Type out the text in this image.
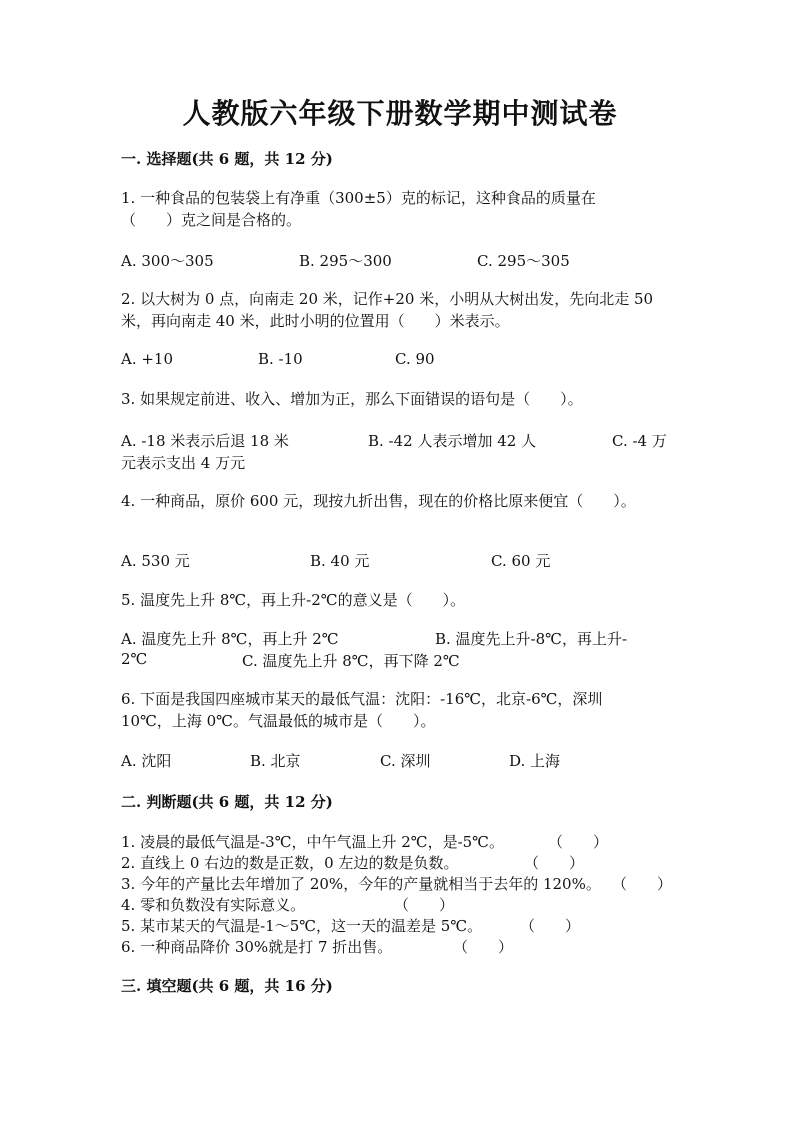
人教版六年级下册数学期中测试卷
一. 选择题(共 6 题，共 12 分)
1. 一种食品的包装袋上有净重（300±5）克的标记，这种食品的质量在
（　　）克之间是合格的。
A. 300～305	B. 295～300	C. 295～305
2. 以大树为 0 点，向南走 20 米，记作+20 米，小明从大树出发，先向北走 50
米，再向南走 40 米，此时小明的位置用（　　）米表示。
A. +10	B. -10	C. 90
3. 如果规定前进、收入、增加为正，那么下面错误的语句是（　　）。
A. -18 米表示后退 18 米	B. -42 人表示增加 42 人	C. -4 万
元表示支出 4 万元
4. 一种商品，原价 600 元，现按九折出售，现在的价格比原来便宜（　　）。
A. 530 元	B. 40 元	C. 60 元
5. 温度先上升 8℃，再上升-2℃的意义是（　　）。
A. 温度先上升 8℃，再上升 2℃	B. 温度先上升-8℃，再上升-
2℃	C. 温度先上升 8℃，再下降 2℃
6. 下面是我国四座城市某天的最低气温：沈阳：-16℃，北京-6℃，深圳
10℃，上海 0℃。气温最低的城市是（　　）。
A. 沈阳	B. 北京	C. 深圳	D. 上海
二. 判断题(共 6 题，共 12 分)
1. 凌晨的最低气温是-3℃，中午气温上升 2℃，是-5℃。	（　　）
2. 直线上 0 右边的数是正数，0 左边的数是负数。	（　　）
3. 今年的产量比去年增加了 20%，今年的产量就相当于去年的 120%。 （　　）
4. 零和负数没有实际意义。	（　　）
5. 某市某天的气温是-1～5℃，这一天的温差是 5℃。	（　　）
6. 一种商品降价 30%就是打 7 折出售。	（　　）
三. 填空题(共 6 题，共 16 分)
